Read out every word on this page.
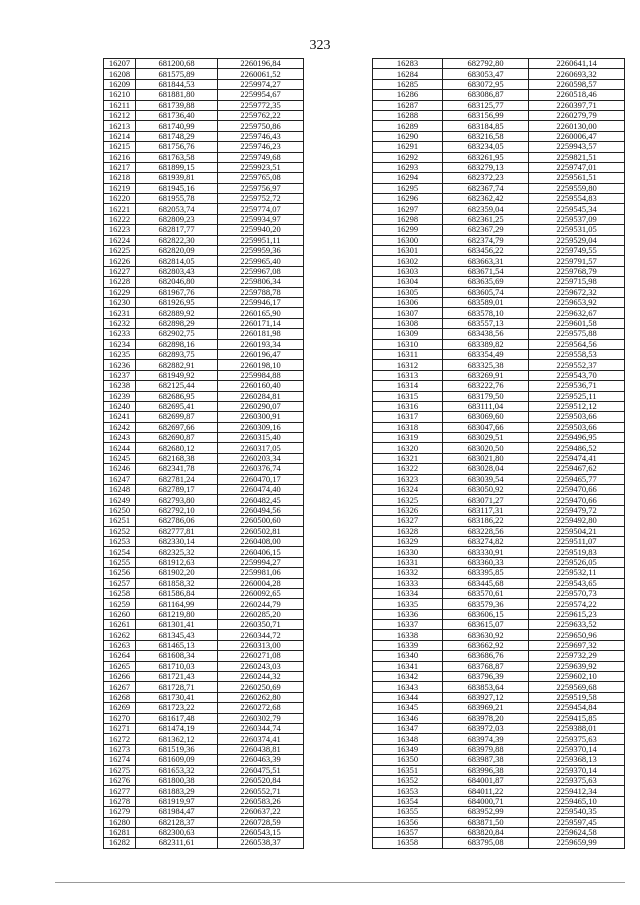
323
16207	681200,68	2260196,84
16208	681575,89	2260061,52
16209	681844,53	2259974,27
16210	681881,80	2259954,67
16211	681739,88	2259772,35
16212	681736,40	2259762,22
16213	681740,99	2259750,86
16214	681748,29	2259746,43
16215	681756,76	2259746,23
16216	681763,58	2259749,68
16217	681899,15	2259923,51
16218	681939,81	2259765,08
16219	681945,16	2259756,97
16220	681955,78	2259752,72
16221	682053,74	2259774,07
16222	682809,23	2259934,97
16223	682817,77	2259940,20
16224	682822,30	2259951,11
16225	682820,09	2259959,36
16226	682814,05	2259965,40
16227	682803,43	2259967,08
16228	682046,80	2259806,34
16229	681967,76	2259788,78
16230	681926,95	2259946,17
16231	682889,92	2260165,90
16232	682898,29	2260171,14
16233	682902,75	2260181,98
16234	682898,16	2260193,34
16235	682893,75	2260196,47
16236	682882,91	2260198,10
16237	681949,92	2259984,88
16238	682125,44	2260160,40
16239	682686,95	2260284,81
16240	682695,41	2260290,07
16241	682699,87	2260300,91
16242	682697,66	2260309,16
16243	682690,87	2260315,40
16244	682680,12	2260317,05
16245	682168,38	2260203,34
16246	682341,78	2260376,74
16247	682781,24	2260470,17
16248	682789,17	2260474,40
16249	682793,80	2260482,45
16250	682792,10	2260494,56
16251	682786,06	2260500,60
16252	682777,81	2260502,81
16253	682330,14	2260408,00
16254	682325,32	2260406,15
16255	681912,63	2259994,27
16256	681902,20	2259981,06
16257	681858,32	2260004,28
16258	681586,84	2260092,65
16259	681164,99	2260244,79
16260	681219,80	2260285,20
16261	681301,41	2260350,71
16262	681345,43	2260344,72
16263	681465,13	2260313,00
16264	681608,34	2260271,08
16265	681710,03	2260243,03
16266	681721,43	2260244,32
16267	681728,71	2260250,69
16268	681730,41	2260262,80
16269	681723,22	2260272,68
16270	681617,48	2260302,79
16271	681474,19	2260344,74
16272	681362,12	2260374,41
16273	681519,36	2260438,81
16274	681609,09	2260463,39
16275	681653,32	2260475,51
16276	681800,38	2260520,84
16277	681883,29	2260552,71
16278	681919,97	2260583,26
16279	681984,47	2260637,22
16280	682128,37	2260728,59
16281	682300,63	2260543,15
16282	682311,61	2260538,37
16283	682792,80	2260641,14
16284	683053,47	2260693,32
16285	683072,95	2260598,57
16286	683086,87	2260518,46
16287	683125,77	2260397,71
16288	683156,99	2260279,79
16289	683184,85	2260130,00
16290	683216,58	2260006,47
16291	683234,05	2259943,57
16292	683261,95	2259821,51
16293	683279,13	2259747,01
16294	682372,23	2259561,51
16295	682367,74	2259559,80
16296	682362,42	2259554,83
16297	682359,04	2259545,34
16298	682361,25	2259537,09
16299	682367,29	2259531,05
16300	682374,79	2259529,04
16301	683456,22	2259749,55
16302	683663,31	2259791,57
16303	683671,54	2259768,79
16304	683635,69	2259715,98
16305	683605,74	2259672,32
16306	683589,01	2259653,92
16307	683578,10	2259632,67
16308	683557,13	2259601,58
16309	683438,56	2259575,88
16310	683389,82	2259564,56
16311	683354,49	2259558,53
16312	683325,38	2259552,37
16313	683269,91	2259543,70
16314	683222,76	2259536,71
16315	683179,50	2259525,11
16316	683111,04	2259512,12
16317	683069,60	2259503,66
16318	683047,66	2259503,66
16319	683029,51	2259496,95
16320	683020,50	2259486,52
16321	683021,80	2259474,41
16322	683028,04	2259467,62
16323	683039,54	2259465,77
16324	683050,92	2259470,66
16325	683071,27	2259470,66
16326	683117,31	2259479,72
16327	683186,22	2259492,80
16328	683228,56	2259504,21
16329	683274,82	2259511,07
16330	683330,91	2259519,83
16331	683360,33	2259526,05
16332	683395,85	2259532,11
16333	683445,68	2259543,65
16334	683570,61	2259570,73
16335	683579,36	2259574,22
16336	683606,15	2259615,23
16337	683615,07	2259633,52
16338	683630,92	2259650,96
16339	683662,92	2259697,32
16340	683686,76	2259732,29
16341	683768,87	2259639,92
16342	683796,39	2259602,10
16343	683853,64	2259569,68
16344	683927,12	2259519,58
16345	683969,21	2259454,84
16346	683978,20	2259415,85
16347	683972,03	2259388,01
16348	683974,39	2259375,63
16349	683979,88	2259370,14
16350	683987,38	2259368,13
16351	683996,38	2259370,14
16352	684001,87	2259375,63
16353	684011,22	2259412,34
16354	684000,71	2259465,10
16355	683952,99	2259540,35
16356	683871,50	2259597,45
16357	683820,84	2259624,58
16358	683795,08	2259659,99
